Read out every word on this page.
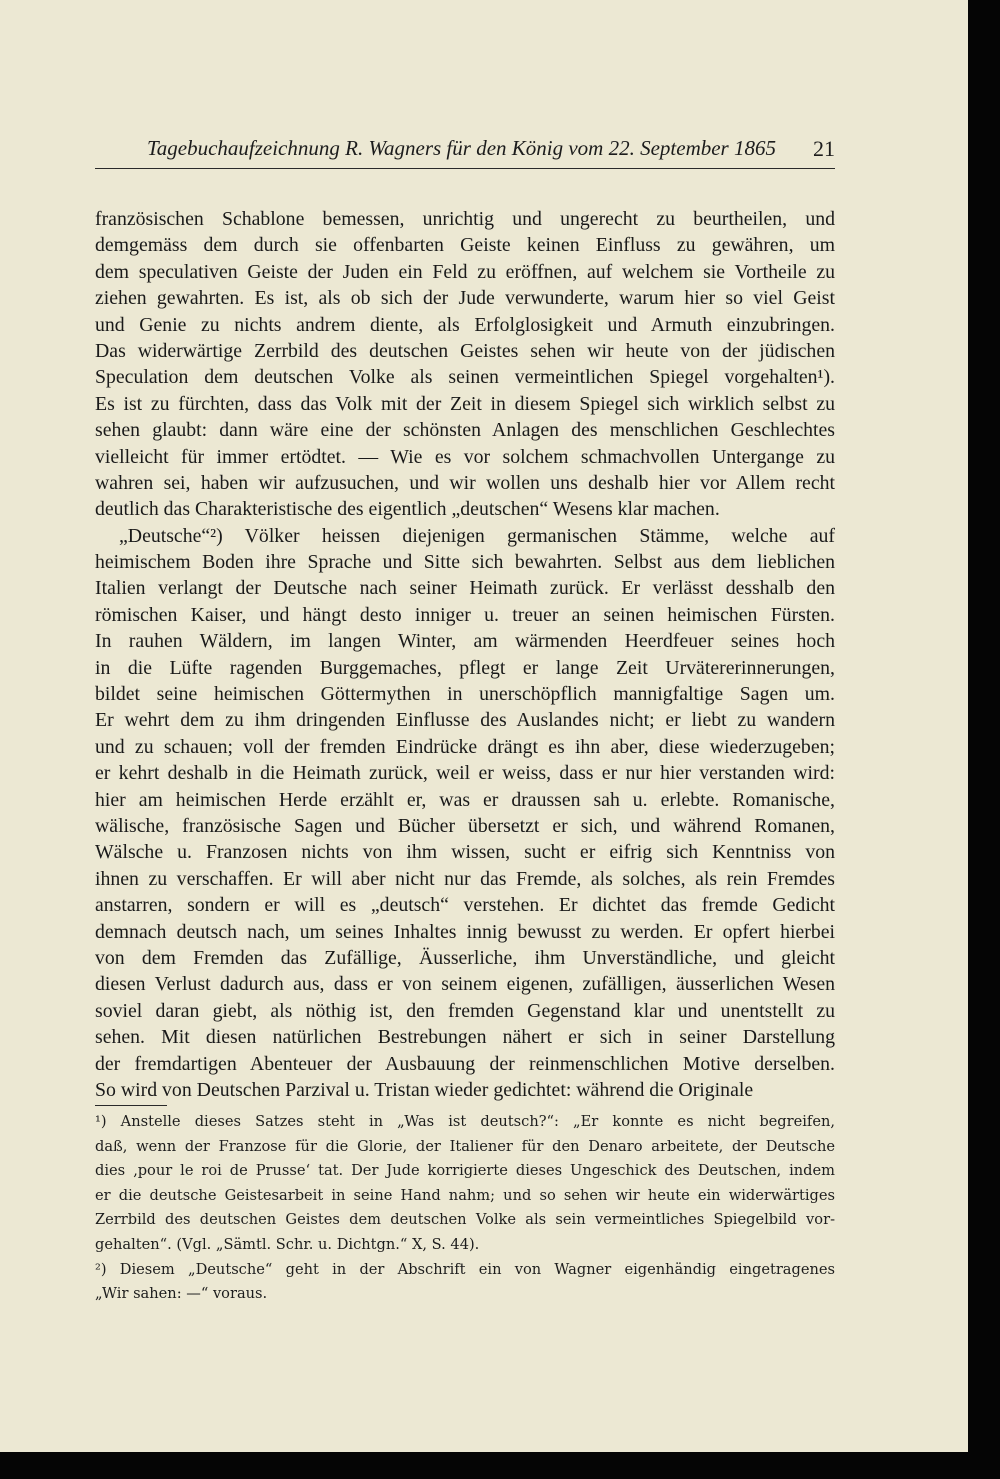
Tagebuchaufzeichnung R. Wagners für den König vom 22. September 1865 21
französischen Schablone bemessen, unrichtig und ungerecht zu beurtheilen, und
demgemäss dem durch sie offenbarten Geiste keinen Einfluss zu gewähren, um
dem speculativen Geiste der Juden ein Feld zu eröffnen, auf welchem sie Vortheile zu
ziehen gewahrten. Es ist, als ob sich der Jude verwunderte, warum hier so viel Geist
und Genie zu nichts andrem diente, als Erfolglosigkeit und Armuth einzubringen.
Das widerwärtige Zerrbild des deutschen Geistes sehen wir heute von der jüdischen
Speculation dem deutschen Volke als seinen vermeintlichen Spiegel vorgehalten¹).
Es ist zu fürchten, dass das Volk mit der Zeit in diesem Spiegel sich wirklich selbst zu
sehen glaubt: dann wäre eine der schönsten Anlagen des menschlichen Geschlechtes
vielleicht für immer ertödtet. — Wie es vor solchem schmachvollen Untergange zu
wahren sei, haben wir aufzusuchen, und wir wollen uns deshalb hier vor Allem recht
deutlich das Charakteristische des eigentlich „deutschen“ Wesens klar machen.
„Deutsche“²) Völker heissen diejenigen germanischen Stämme, welche auf
heimischem Boden ihre Sprache und Sitte sich bewahrten. Selbst aus dem lieblichen
Italien verlangt der Deutsche nach seiner Heimath zurück. Er verlässt desshalb den
römischen Kaiser, und hängt desto inniger u. treuer an seinen heimischen Fürsten.
In rauhen Wäldern, im langen Winter, am wärmenden Heerdfeuer seines hoch
in die Lüfte ragenden Burggemaches, pflegt er lange Zeit Urvätererinnerungen,
bildet seine heimischen Göttermythen in unerschöpflich mannigfaltige Sagen um.
Er wehrt dem zu ihm dringenden Einflusse des Auslandes nicht; er liebt zu wandern
und zu schauen; voll der fremden Eindrücke drängt es ihn aber, diese wiederzugeben;
er kehrt deshalb in die Heimath zurück, weil er weiss, dass er nur hier verstanden wird:
hier am heimischen Herde erzählt er, was er draussen sah u. erlebte. Romanische,
wälische, französische Sagen und Bücher übersetzt er sich, und während Romanen,
Wälsche u. Franzosen nichts von ihm wissen, sucht er eifrig sich Kenntniss von
ihnen zu verschaffen. Er will aber nicht nur das Fremde, als solches, als rein Fremdes
anstarren, sondern er will es „deutsch“ verstehen. Er dichtet das fremde Gedicht
demnach deutsch nach, um seines Inhaltes innig bewusst zu werden. Er opfert hierbei
von dem Fremden das Zufällige, Äusserliche, ihm Unverständliche, und gleicht
diesen Verlust dadurch aus, dass er von seinem eigenen, zufälligen, äusserlichen Wesen
soviel daran giebt, als nöthig ist, den fremden Gegenstand klar und unentstellt zu
sehen. Mit diesen natürlichen Bestrebungen nähert er sich in seiner Darstellung
der fremdartigen Abenteuer der Ausbauung der reinmenschlichen Motive derselben.
So wird von Deutschen Parzival u. Tristan wieder gedichtet: während die Originale
¹) Anstelle dieses Satzes steht in „Was ist deutsch?“: „Er konnte es nicht begreifen,
daß, wenn der Franzose für die Glorie, der Italiener für den Denaro arbeitete, der Deutsche
dies ‚pour le roi de Prusse‘ tat. Der Jude korrigierte dieses Ungeschick des Deutschen, indem
er die deutsche Geistesarbeit in seine Hand nahm; und so sehen wir heute ein widerwärtiges
Zerrbild des deutschen Geistes dem deutschen Volke als sein vermeintliches Spiegelbild vor-
gehalten“. (Vgl. „Sämtl. Schr. u. Dichtgn.“ X, S. 44).
²) Diesem „Deutsche“ geht in der Abschrift ein von Wagner eigenhändig eingetragenes
„Wir sahen: —“ voraus.
